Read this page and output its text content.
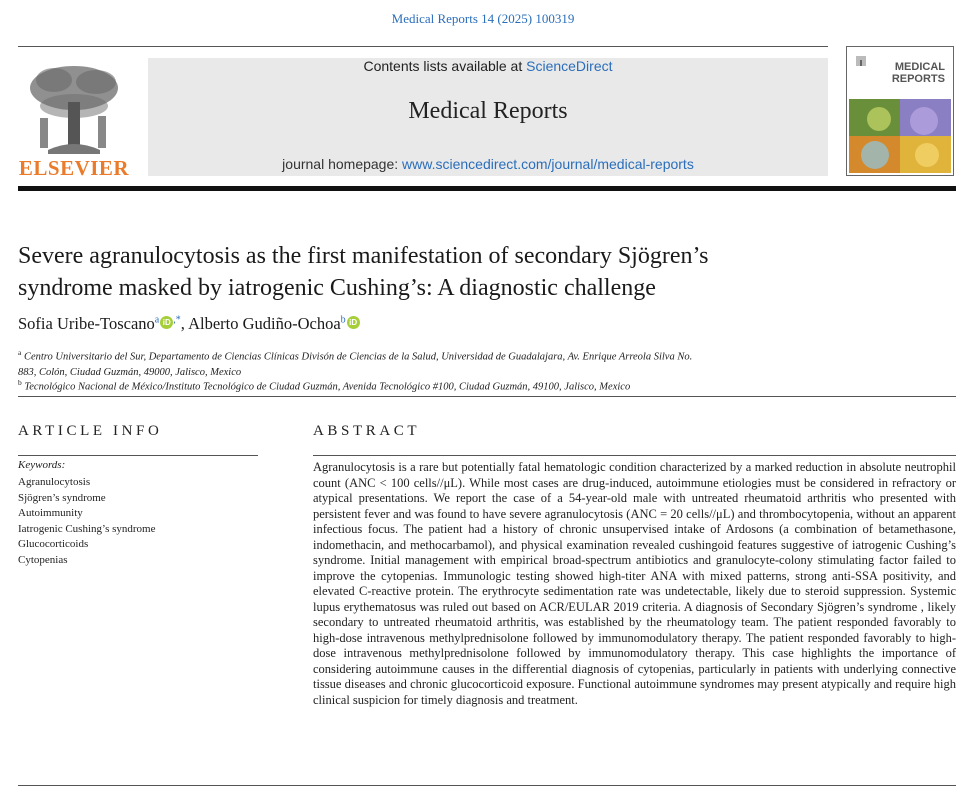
Medical Reports 14 (2025) 100319
ELSEVIER
Contents lists available at ScienceDirect
Medical Reports
journal homepage: www.sciencedirect.com/journal/medical-reports
MEDICAL
REPORTS
Severe agranulocytosis as the first manifestation of secondary Sjögren’s
syndrome masked by iatrogenic Cushing’s: A diagnostic challenge
Sofia Uribe-Toscano$^a$ iD ,*, Alberto Gudiño-Ochoa$^b$ iD
$^a$ Centro Universitario del Sur, Departamento de Ciencias Clínicas Divisón de Ciencias de la Salud, Universidad de Guadalajara, Av. Enrique Arreola Silva No.
883, Colón, Ciudad Guzmán, 49000, Jalisco, Mexico
$^b$ Tecnológico Nacional de México/Instituto Tecnológico de Ciudad Guzmán, Avenida Tecnológico #100, Ciudad Guzmán, 49100, Jalisco, Mexico
ARTICLE INFO	ABSTRACT
Keywords:
Agranulocytosis
Sjögren’s syndrome
Autoimmunity
Iatrogenic Cushing’s syndrome
Glucocorticoids
Cytopenias
Agranulocytosis is a rare but potentially fatal hematologic condition characterized by a marked reduction in absolute neutrophil count (ANC < 100 cells//μL). While most cases are drug-induced, autoimmune etiologies must be considered in refractory or atypical presentations. We report the case of a 54-year-old male with untreated rheumatoid arthritis who presented with persistent fever and was found to have severe agranulocytosis (ANC = 20 cells//μL) and thrombocytopenia, without an apparent infectious focus. The patient had a history of chronic unsupervised intake of Ardosons (a combination of betamethasone, indomethacin, and methocarbamol), and physical examination revealed cushingoid features suggestive of iatrogenic Cushing’s syndrome. Initial management with empirical broad-spectrum antibiotics and granulocyte-colony stimulating factor failed to improve the cytopenias. Immunologic testing showed high-titer ANA with mixed patterns, strong anti-SSA positivity, and elevated C-reactive protein. The erythrocyte sedimentation rate was undetectable, likely due to steroid suppression. Systemic lupus erythematosus was ruled out based on ACR/EULAR 2019 criteria. A diagnosis of Secondary Sjögren’s syndrome , likely secondary to untreated rheumatoid arthritis, was established by the rheumatology team. The patient responded favorably to high-dose intravenous methylprednisolone followed by immunomodulatory therapy. The patient responded favorably to high-dose intravenous methylprednisolone followed by immunomodulatory therapy. This case highlights the importance of considering autoimmune causes in the differential diagnosis of cytopenias, particularly in patients with underlying connective tissue diseases and chronic glucocorticoid exposure. Functional autoimmune syndromes may present atypically and require high clinical suspicion for timely diagnosis and treatment.
